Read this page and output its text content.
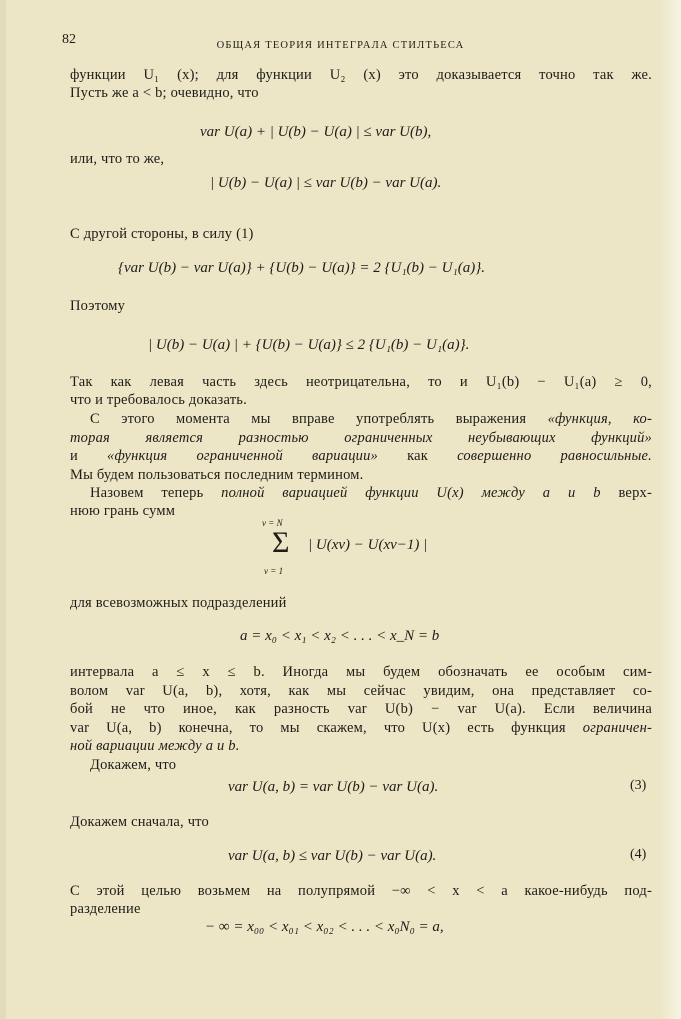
82	ОБЩАЯ ТЕОРИЯ ИНТЕГРАЛА СТИЛТЬЕСА
функции U₁ (x); для функции U₂ (x) это доказывается точно так же.
Пусть же a < b; очевидно, что
var U(a) + | U(b) − U(a) | ≤ var U(b),
или, что то же,
| U(b) − U(a) | ≤ var U(b) − var U(a).
С другой стороны, в силу (1)
{var U(b) − var U(a)} + {U(b) − U(a)} = 2 {U₁(b) − U₁(a)}.
Поэтому
| U(b) − U(a) | + {U(b) − U(a)} ≤ 2 {U₁(b) − U₁(a)}.
Так как левая часть здесь неотрицательна, то и U₁(b) − U₁(a) ≥ 0,
что и требовалось доказать.
С этого момента мы вправе употреблять выражения «функция, ко-
торая является разностью ограниченных неубывающих функций»
и «функция ограниченной вариации» как совершенно равносильные.
Мы будем пользоваться последним термином.
Назовем теперь полной вариацией функции U(x) между a и b верх-
нюю грань сумм
ν = N
Σ
ν = 1
| U(xν) − U(xν−1) |
для всевозможных подразделений
a = x₀ < x₁ < x₂ < . . . < x_N = b
интервала a ≤ x ≤ b. Иногда мы будем обозначать ее особым сим-
волом var U(a, b), хотя, как мы сейчас увидим, она представляет со-
бой не что иное, как разность var U(b) − var U(a). Если величина
var U(a, b) конечна, то мы скажем, что U(x) есть функция ограничен-
ной вариации между a и b.
Докажем, что
var U(a, b) = var U(b) − var U(a).	(3)
Докажем сначала, что
var U(a, b) ≤ var U(b) − var U(a).	(4)
С этой целью возьмем на полупрямой −∞ < x < a какое-нибудь под-
разделение
− ∞ = x₀₀ < x₀₁ < x₀₂ < . . . < x₀N₀ = a,
